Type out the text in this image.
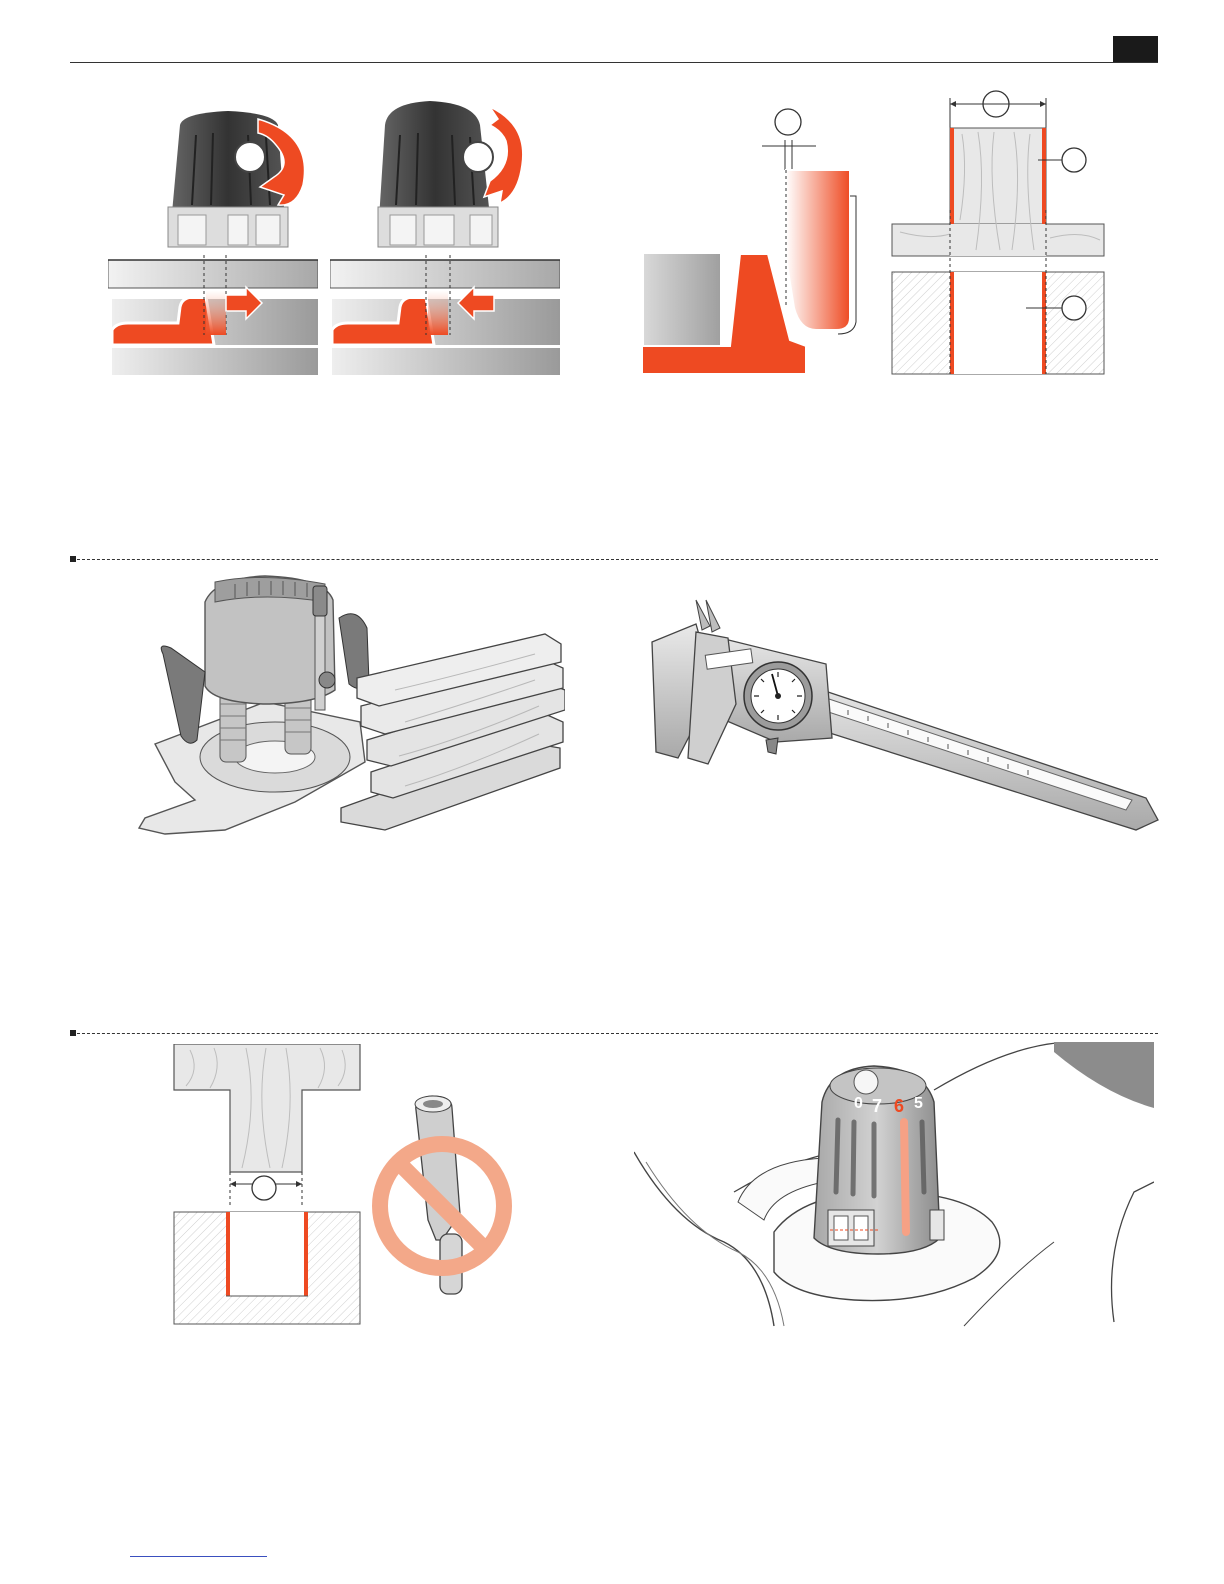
0 7 6 5
